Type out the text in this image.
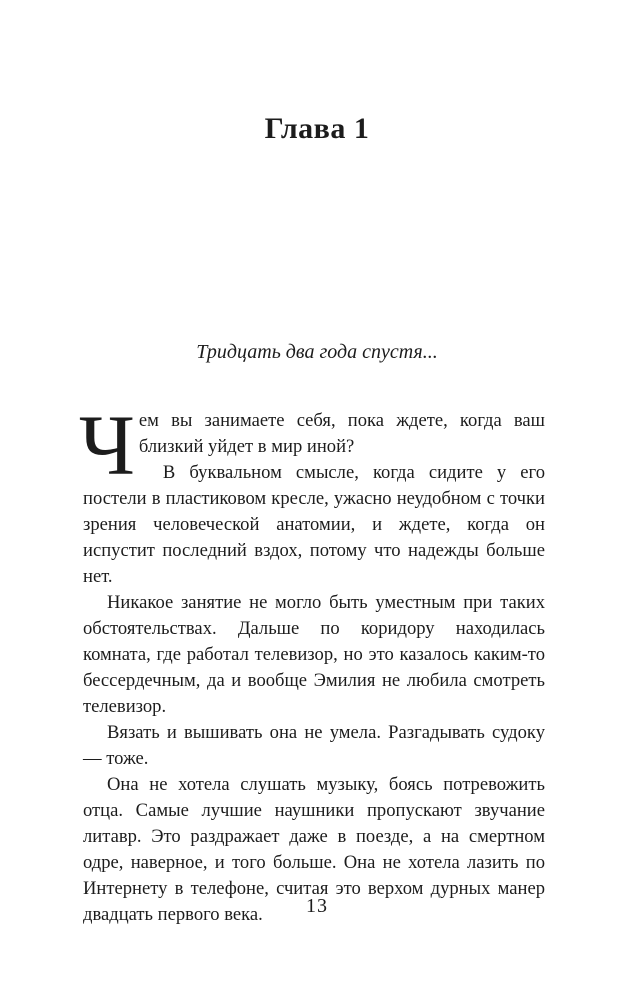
Глава 1
Тридцать два года спустя...

Чем вы занимаете себя, пока ждете, когда ваш близкий уйдет в мир иной?

В буквальном смысле, когда сидите у его постели в пластиковом кресле, ужасно неудобном с точки зрения человеческой анатомии, и ждете, когда он испустит последний вздох, потому что надежды больше нет.

Никакое занятие не могло быть уместным при таких обстоятельствах. Дальше по коридору находилась комната, где работал телевизор, но это казалось каким-то бессердечным, да и вообще Эмилия не любила смотреть телевизор.

Вязать и вышивать она не умела. Разгадывать судоку — тоже.

Она не хотела слушать музыку, боясь потревожить отца. Самые лучшие наушники пропускают звучание литавр. Это раздражает даже в поезде, а на смертном одре, наверное, и того больше. Она не хотела лазить по Интернету в телефоне, считая это верхом дурных манер двадцать первого века.	13
